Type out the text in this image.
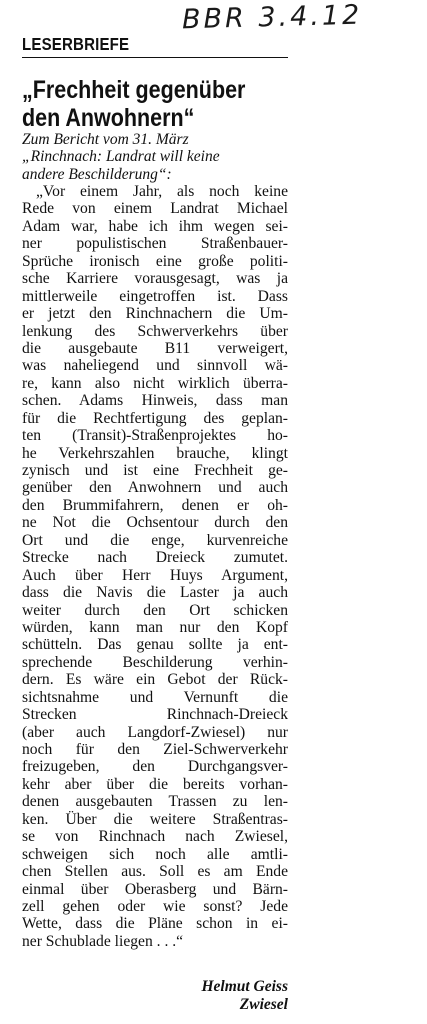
BBR 3.4.12
LESERBRIEFE
„Frechheit gegenüber
den Anwohnern“
Zum Bericht vom 31. März
„Rinchnach: Landrat will keine
andere Beschilderung“:
„Vor einem Jahr, als noch keine
Rede von einem Landrat Michael
Adam war, habe ich ihm wegen sei-
ner populistischen Straßenbauer-
Sprüche ironisch eine große politi-
sche Karriere vorausgesagt, was ja
mittlerweile eingetroffen ist. Dass
er jetzt den Rinchnachern die Um-
lenkung des Schwerverkehrs über
die ausgebaute B11 verweigert,
was naheliegend und sinnvoll wä-
re, kann also nicht wirklich überra-
schen. Adams Hinweis, dass man
für die Rechtfertigung des geplan-
ten (Transit)-Straßenprojektes ho-
he Verkehrszahlen brauche, klingt
zynisch und ist eine Frechheit ge-
genüber den Anwohnern und auch
den Brummifahrern, denen er oh-
ne Not die Ochsentour durch den
Ort und die enge, kurvenreiche
Strecke nach Dreieck zumutet.
Auch über Herr Huys Argument,
dass die Navis die Laster ja auch
weiter durch den Ort schicken
würden, kann man nur den Kopf
schütteln. Das genau sollte ja ent-
sprechende Beschilderung verhin-
dern. Es wäre ein Gebot der Rück-
sichtsnahme und Vernunft die
Strecken Rinchnach-Dreieck
(aber auch Langdorf-Zwiesel) nur
noch für den Ziel-Schwerverkehr
freizugeben, den Durchgangsver-
kehr aber über die bereits vorhan-
denen ausgebauten Trassen zu len-
ken. Über die weitere Straßentras-
se von Rinchnach nach Zwiesel,
schweigen sich noch alle amtli-
chen Stellen aus. Soll es am Ende
einmal über Oberasberg und Bärn-
zell gehen oder wie sonst? Jede
Wette, dass die Pläne schon in ei-
ner Schublade liegen . . .“
Helmut Geiss
Zwiesel
